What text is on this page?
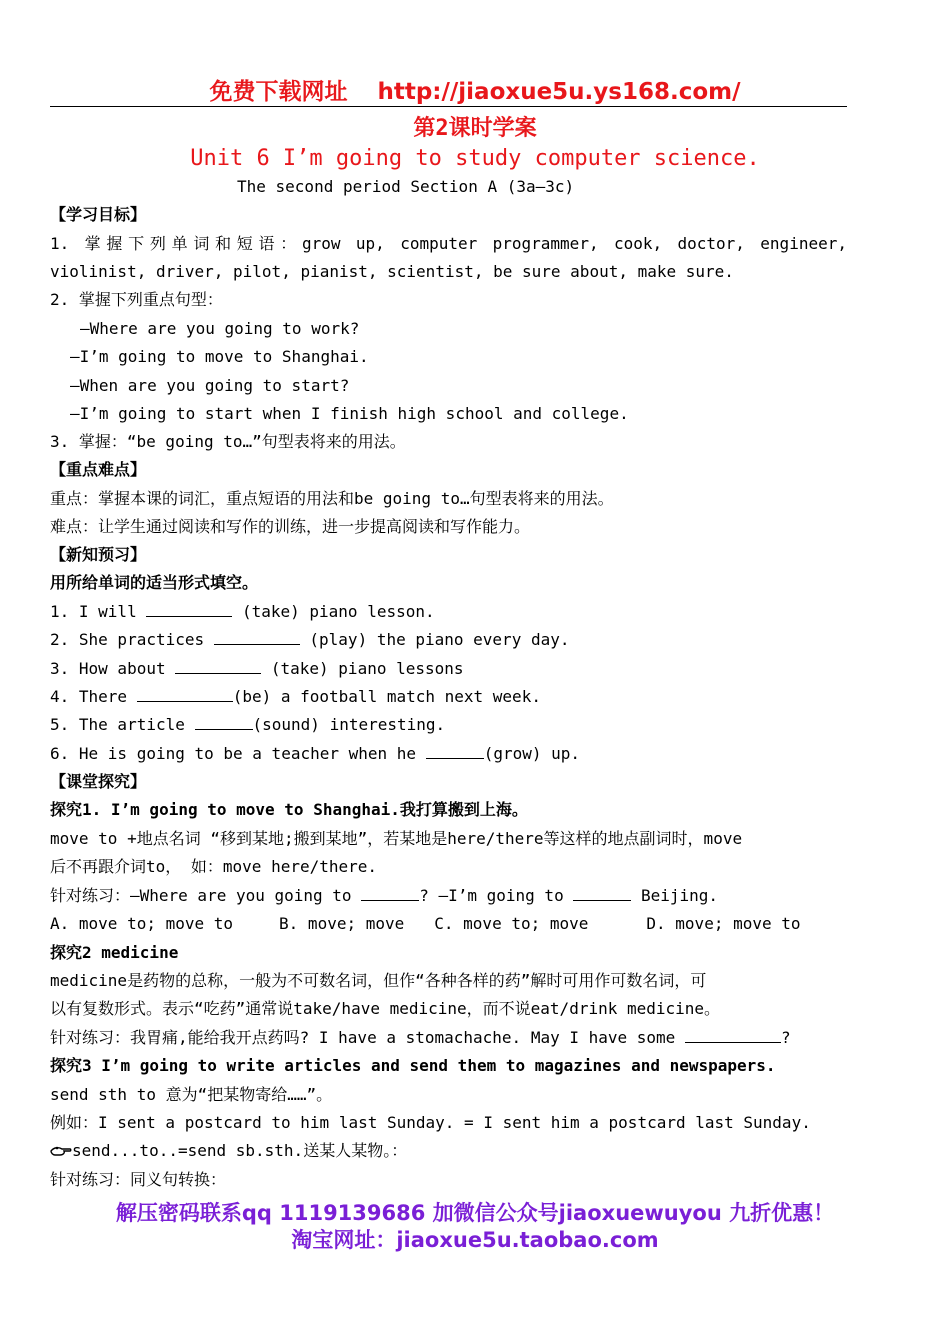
免费下载网址 http://jiaoxue5u.ys168.com/
第2课时学案
Unit 6 I’m going to study computer science.
The second period Section A (3a—3c)
【学习目标】
1. 掌握下列单词和短语：grow up, computer programmer, cook, doctor, engineer,
violinist, driver, pilot, pianist, scientist, be sure about, make sure.
2. 掌握下列重点句型：
—Where are you going to work?
—I’m going to move to Shanghai.
—When are you going to start?
—I’m going to start when I finish high school and college.
3. 掌握：“be going to…”句型表将来的用法。
【重点难点】
重点：掌握本课的词汇，重点短语的用法和be going to…句型表将来的用法。
难点：让学生通过阅读和写作的训练，进一步提高阅读和写作能力。
【新知预习】
用所给单词的适当形式填空。
1. I will	(take) piano lesson.
2. She practices	(play) the piano every day.
3. How about	(take) piano lessons
4. There	(be) a football match next week.
5. The article	(sound) interesting.
6. He is going to be a teacher when he	(grow) up.
【课堂探究】
探究1. I’m going to move to Shanghai.我打算搬到上海。
move to +地点名词 “移到某地;搬到某地”，若某地是here/there等这样的地点副词时，move
后不再跟介词to， 如：move here/there.
针对练习：—Where are you going to	? —I’m going to	Beijing.
A. move to; move to	B. move; move C. move to; move	D. move; move to
探究2 medicine
medicine是药物的总称，一般为不可数名词，但作“各种各样的药”解时可用作可数名词，可
以有复数形式。表示“吃药”通常说take/have medicine，而不说eat/drink medicine。
针对练习：我胃痛,能给我开点药吗? I have a stomachache. May I have some	?
探究3 I’m going to write articles and send them to magazines and newspapers.
send sth to 意为“把某物寄给……”。
例如：I sent a postcard to him last Sunday. = I sent him a postcard last Sunday.
send...to..=send sb.sth.送某人某物。：
针对练习：同义句转换：
解压密码联系qq 1119139686 加微信公众号jiaoxuewuyou 九折优惠！
淘宝网址：jiaoxue5u.taobao.com
